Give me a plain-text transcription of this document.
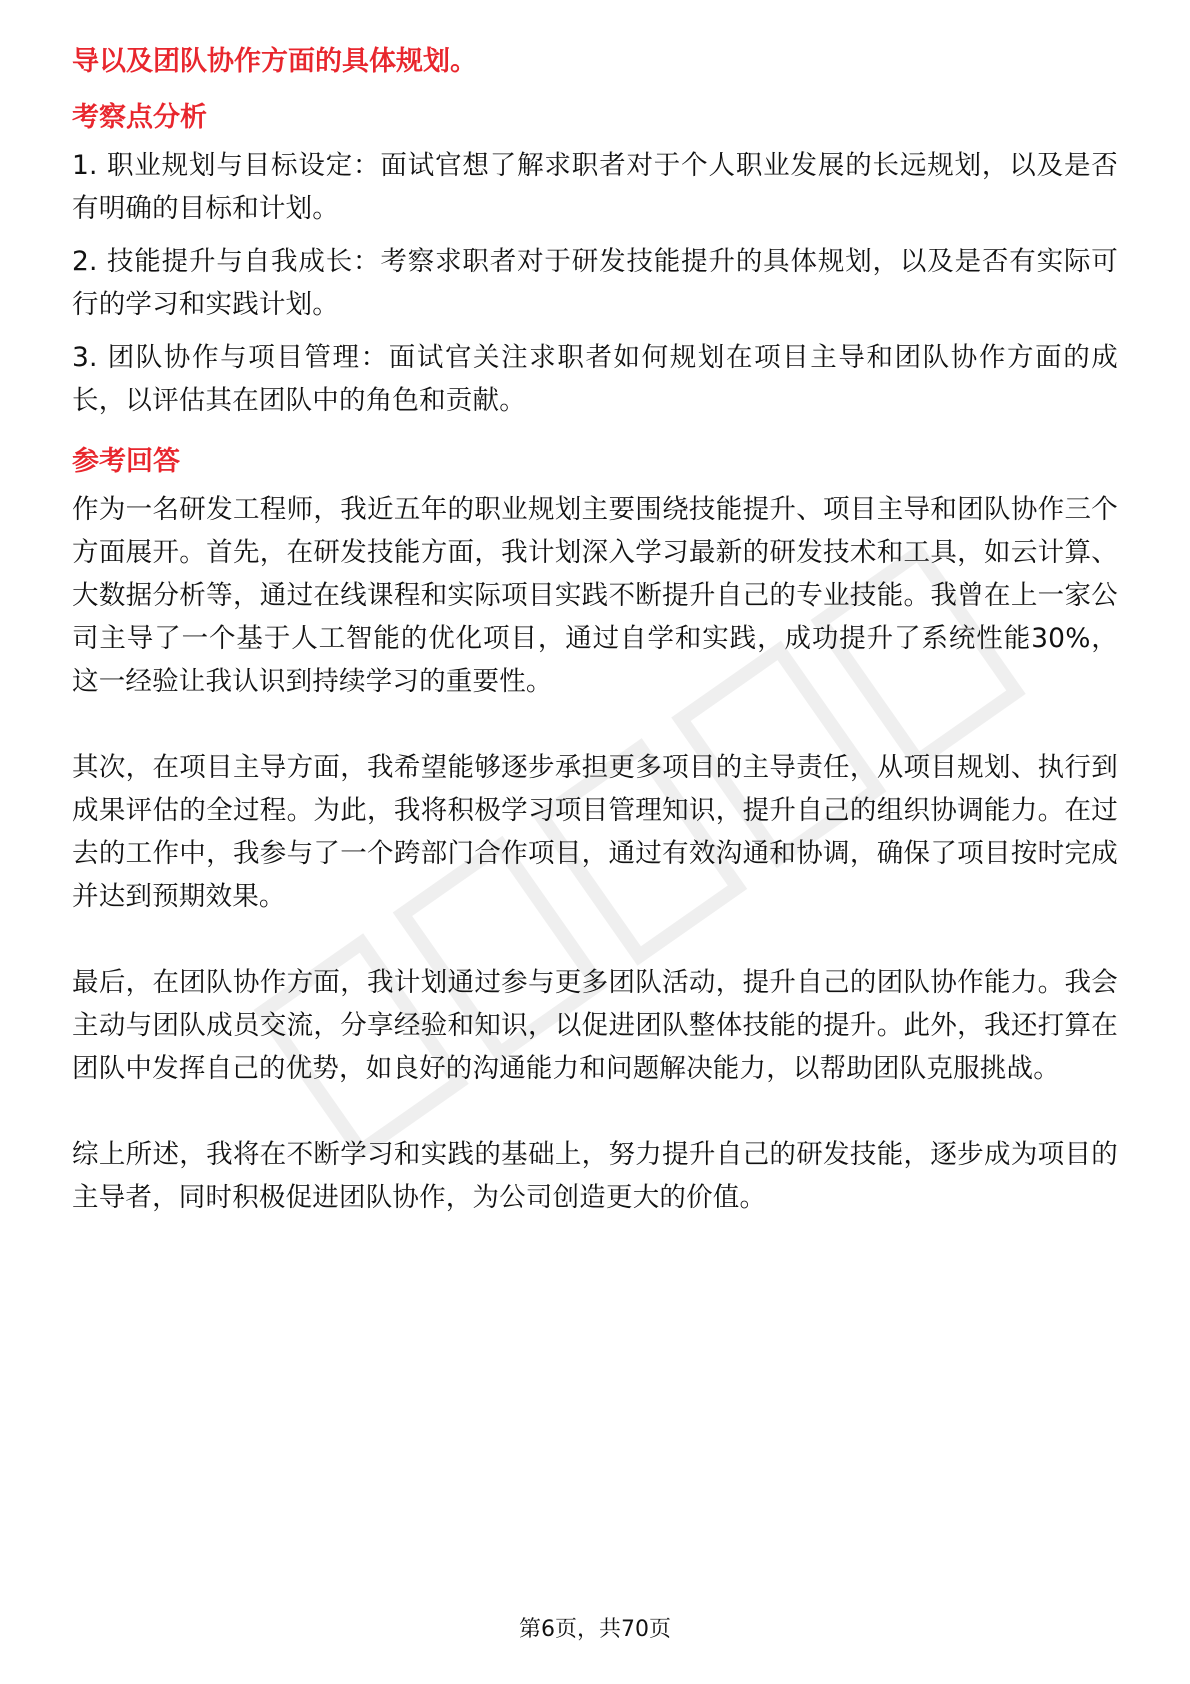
导以及团队协作方面的具体规划。

考察点分析

1. 职业规划与目标设定：面试官想了解求职者对于个人职业发展的长远规划，以及是否有明确的目标和计划。

2. 技能提升与自我成长：考察求职者对于研发技能提升的具体规划，以及是否有实际可行的学习和实践计划。

3. 团队协作与项目管理：面试官关注求职者如何规划在项目主导和团队协作方面的成长，以评估其在团队中的角色和贡献。

参考回答

作为一名研发工程师，我近五年的职业规划主要围绕技能提升、项目主导和团队协作三个方面展开。首先，在研发技能方面，我计划深入学习最新的研发技术和工具，如云计算、大数据分析等，通过在线课程和实际项目实践不断提升自己的专业技能。我曾在上一家公司主导了一个基于人工智能的优化项目，通过自学和实践，成功提升了系统性能30%，这一经验让我认识到持续学习的重要性。

其次，在项目主导方面，我希望能够逐步承担更多项目的主导责任，从项目规划、执行到成果评估的全过程。为此，我将积极学习项目管理知识，提升自己的组织协调能力。在过去的工作中，我参与了一个跨部门合作项目，通过有效沟通和协调，确保了项目按时完成并达到预期效果。

最后，在团队协作方面，我计划通过参与更多团队活动，提升自己的团队协作能力。我会主动与团队成员交流，分享经验和知识，以促进团队整体技能的提升。此外，我还打算在团队中发挥自己的优势，如良好的沟通能力和问题解决能力，以帮助团队克服挑战。

综上所述，我将在不断学习和实践的基础上，努力提升自己的研发技能，逐步成为项目的主导者，同时积极促进团队协作，为公司创造更大的价值。

第6页，共70页
